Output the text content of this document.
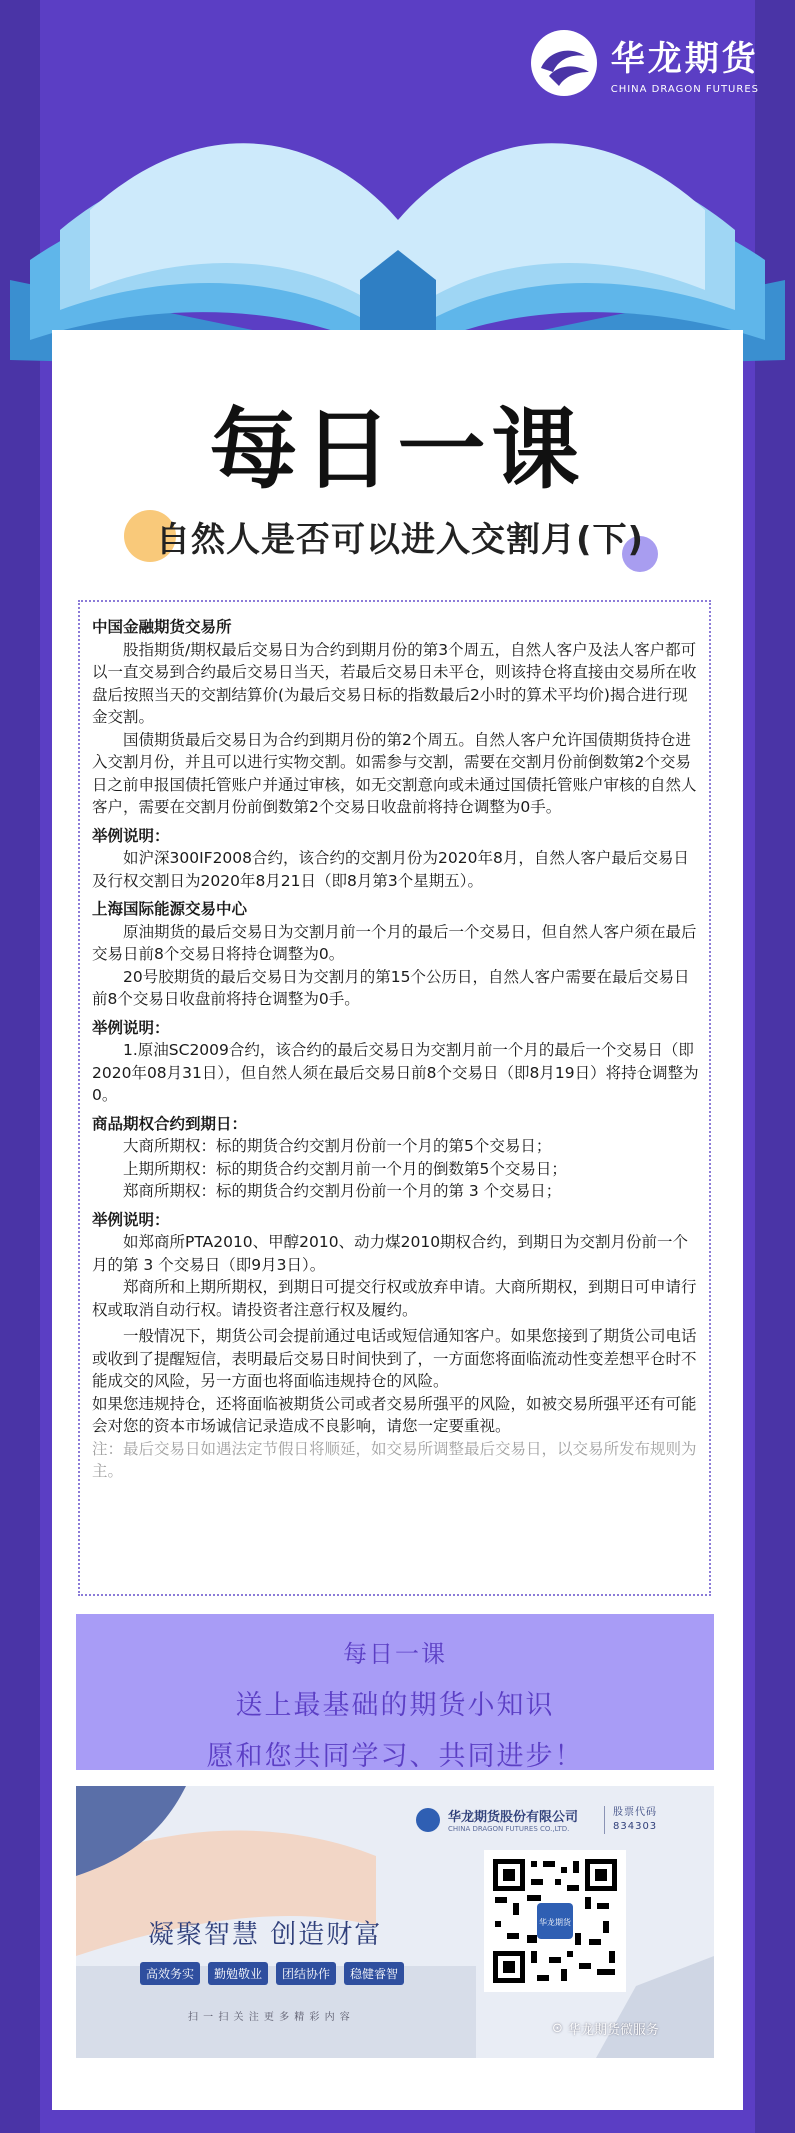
华龙期货
CHINA DRAGON FUTURES
每日一课
自然人是否可以进入交割月(下)
中国金融期货交易所
股指期货/期权最后交易日为合约到期月份的第3个周五，自然人客户及法人客户都可以一直交易到合约最后交易日当天，若最后交易日未平仓，则该持仓将直接由交易所在收盘后按照当天的交割结算价(为最后交易日标的指数最后2小时的算术平均价)揭合进行现金交割。
国债期货最后交易日为合约到期月份的第2个周五。自然人客户允许国债期货持仓进入交割月份，并且可以进行实物交割。如需参与交割，需要在交割月份前倒数第2个交易日之前申报国债托管账户并通过审核，如无交割意向或未通过国债托管账户审核的自然人客户，需要在交割月份前倒数第2个交易日收盘前将持仓调整为0手。
举例说明：
如沪深300IF2008合约，该合约的交割月份为2020年8月，自然人客户最后交易日及行权交割日为2020年8月21日（即8月第3个星期五）。
上海国际能源交易中心
原油期货的最后交易日为交割月前一个月的最后一个交易日，但自然人客户须在最后交易日前8个交易日将持仓调整为0。
20号胶期货的最后交易日为交割月的第15个公历日，自然人客户需要在最后交易日前8个交易日收盘前将持仓调整为0手。
举例说明：
1.原油SC2009合约，该合约的最后交易日为交割月前一个月的最后一个交易日（即2020年08月31日），但自然人须在最后交易日前8个交易日（即8月19日）将持仓调整为0。
商品期权合约到期日：
大商所期权：标的期货合约交割月份前一个月的第5个交易日；
上期所期权：标的期货合约交割月前一个月的倒数第5个交易日；
郑商所期权：标的期货合约交割月份前一个月的第 3 个交易日；
举例说明：
如郑商所PTA2010、甲醇2010、动力煤2010期权合约，到期日为交割月份前一个月的第 3 个交易日（即9月3日）。
郑商所和上期所期权，到期日可提交行权或放弃申请。大商所期权，到期日可申请行权或取消自动行权。请投资者注意行权及履约。
一般情况下，期货公司会提前通过电话或短信通知客户。如果您接到了期货公司电话或收到了提醒短信，表明最后交易日时间快到了，一方面您将面临流动性变差想平仓时不能成交的风险，另一方面也将面临违规持仓的风险。
如果您违规持仓，还将面临被期货公司或者交易所强平的风险，如被交易所强平还有可能会对您的资本市场诚信记录造成不良影响，请您一定要重视。
注：最后交易日如遇法定节假日将顺延，如交易所调整最后交易日，以交易所发布规则为主。
每日一课
送上最基础的期货小知识
愿和您共同学习、共同进步！
华龙期货股份有限公司
CHINA DRAGON FUTURES CO.,LTD.
股票代码
834303
凝聚智慧 创造财富
高效务实	勤勉敬业	团结协作	稳健睿智
扫 一 扫 关 注 更 多 精 彩 内 容
华龙期货
⊙ 华龙期货微服务
